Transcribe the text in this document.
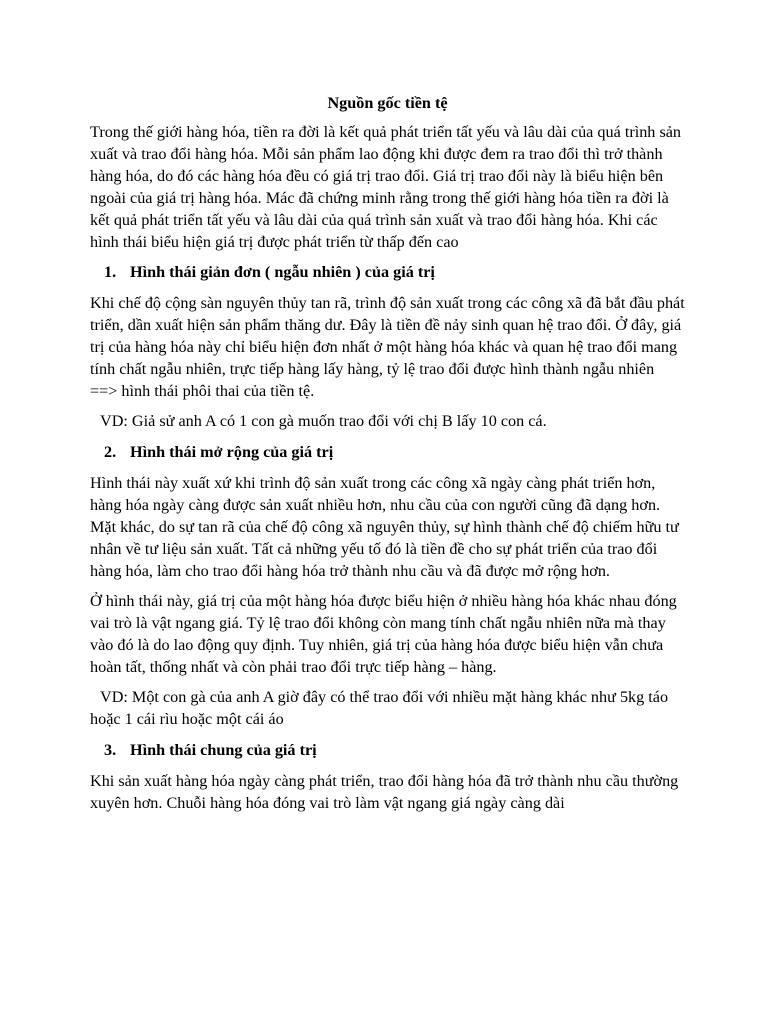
Nguồn gốc tiền tệ

Trong thế giới hàng hóa, tiền ra đời là kết quả phát triển tất yếu và lâu dài của quá trình sản xuất và trao đổi hàng hóa. Mỗi sản phẩm lao động khi được đem ra trao đổi thì trở thành hàng hóa, do đó các hàng hóa đều có giá trị trao đổi. Giá trị trao đổi này là biểu hiện bên ngoài của giá trị hàng hóa. Mác đã chứng minh rằng trong thế giới hàng hóa tiền ra đời là kết quả phát triển tất yếu và lâu dài của quá trình sản xuất và trao đổi hàng hóa. Khi các hình thái biểu hiện giá trị được phát triển từ thấp đến cao

1. Hình thái giản đơn ( ngẫu nhiên ) của giá trị

Khi chế độ cộng sàn nguyên thủy tan rã, trình độ sản xuất trong các công xã đã bắt đầu phát triển, dần xuất hiện sản phẩm thăng dư. Đây là tiền đề nảy sinh quan hệ trao đổi. Ở đây, giá trị của hàng hóa này chỉ biểu hiện đơn nhất ở một hàng hóa khác và quan hệ trao đổi mang tính chất ngẫu nhiên, trực tiếp hàng lấy hàng, tỷ lệ trao đổi được hình thành ngẫu nhiên ==> hình thái phôi thai của tiền tệ.

VD: Giả sử anh A có 1 con gà muốn trao đổi với chị B lấy 10 con cá.
2. Hình thái mở rộng của giá trị

Hình thái này xuất xứ khi trình độ sản xuất trong các công xã ngày càng phát triển hơn, hàng hóa ngày càng được sản xuất nhiều hơn, nhu cầu của con người cũng đã dạng hơn. Mặt khác, do sự tan rã của chế độ công xã nguyên thủy, sự hình thành chế độ chiếm hữu tư nhân về tư liệu sản xuất. Tất cả những yếu tố đó là tiền đề cho sự phát triển của trao đổi hàng hóa, làm cho trao đổi hàng hóa trở thành nhu cầu và đã được mở rộng hơn.

Ở hình thái này, giá trị của một hàng hóa được biểu hiện ở nhiều hàng hóa khác nhau đóng vai trò là vật ngang giá. Tỷ lệ trao đổi không còn mang tính chất ngẫu nhiên nữa mà thay vào đó là do lao động quy định. Tuy nhiên, giá trị của hàng hóa được biểu hiện vẫn chưa hoàn tất, thống nhất và còn phải trao đổi trực tiếp hàng – hàng.

VD: Một con gà của anh A giờ đây có thể trao đổi với nhiều mặt hàng khác như 5kg táo hoặc 1 cái rìu hoặc một cái áo
3. Hình thái chung của giá trị

Khi sản xuất hàng hóa ngày càng phát triển, trao đổi hàng hóa đã trở thành nhu cầu thường xuyên hơn. Chuỗi hàng hóa đóng vai trò làm vật ngang giá ngày càng dài
